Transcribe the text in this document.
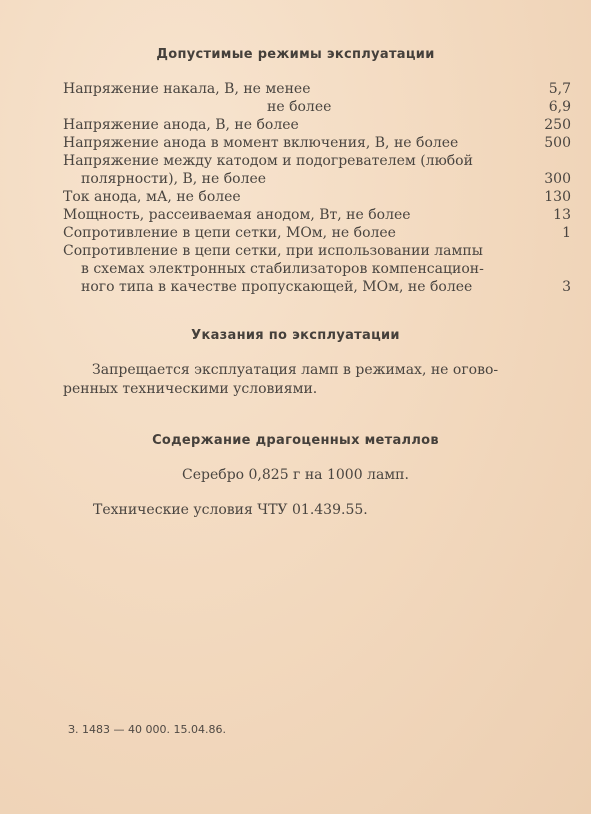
Допустимые режимы эксплуатации
Напряжение накала, В, не менее	5,7
не более	6,9
Напряжение анода, В, не более	250
Напряжение анода в момент включения, В, не более	500
Напряжение между катодом и подогревателем (любой
полярности), В, не более	300
Ток анода, мА, не более	130
Мощность, рассеиваемая анодом, Вт, не более	13
Сопротивление в цепи сетки, МОм, не более	1
Сопротивление в цепи сетки, при использовании лампы
в схемах электронных стабилизаторов компенсацион-
ного типа в качестве пропускающей, МОм, не более	3
Указания по эксплуатации
Запрещается эксплуатация ламп в режимах, не огово-
ренных техническими условиями.
Содержание драгоценных металлов
Серебро 0,825 г на 1000 ламп.
Технические условия ЧТУ 01.439.55.
З. 1483 — 40 000. 15.04.86.
